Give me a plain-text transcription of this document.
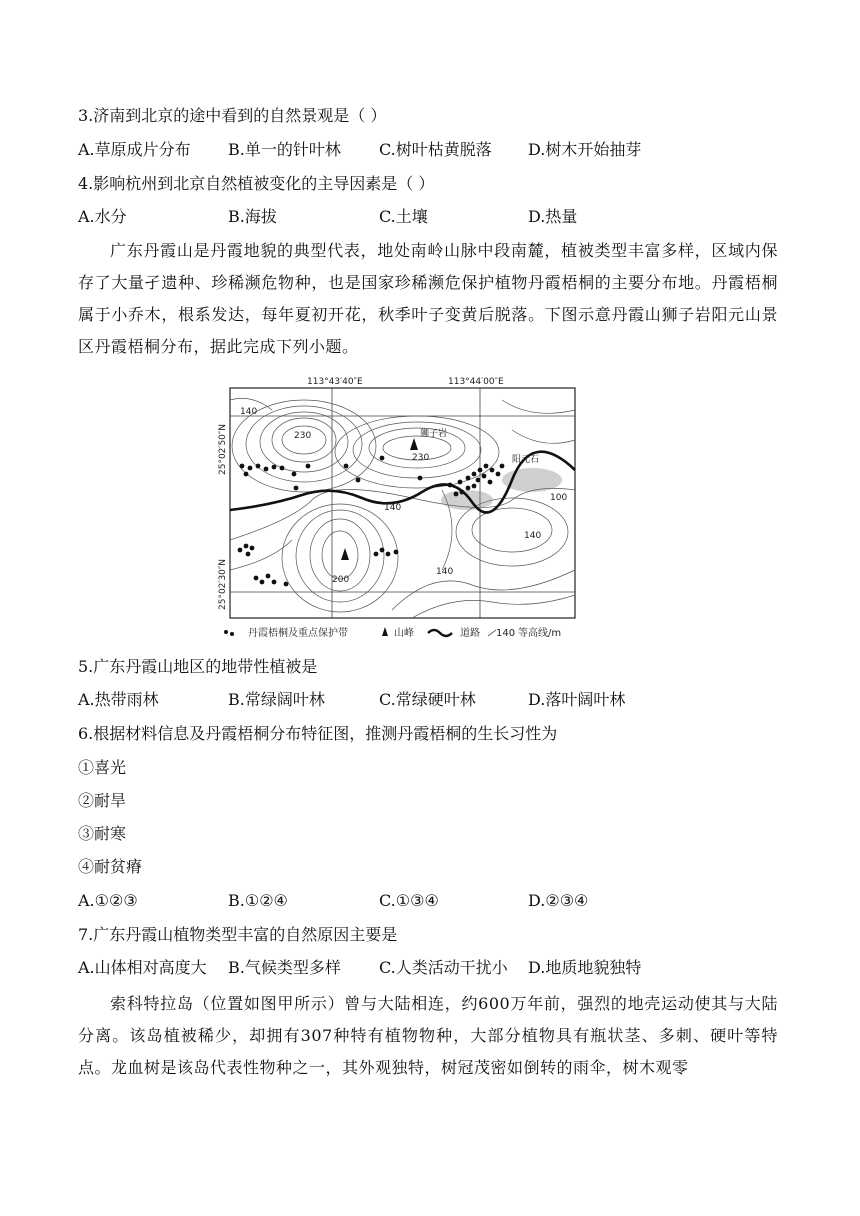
3.济南到北京的途中看到的自然景观是（ ）
A.草原成片分布 B.单一的针叶林 C.树叶枯黄脱落 D.树木开始抽芽
4.影响杭州到北京自然植被变化的主导因素是（ ）
A.水分	B.海拔	C.土壤	D.热量

广东丹霞山是丹霞地貌的典型代表，地处南岭山脉中段南麓，植被类型丰富多样，区域内保存了大量孑遗种、珍稀濒危物种，也是国家珍稀濒危保护植物丹霞梧桐的主要分布地。丹霞梧桐属于小乔木，根系发达，每年夏初开花，秋季叶子变黄后脱落。下图示意丹霞山狮子岩阳元山景区丹霞梧桐分布，据此完成下列小题。

113°43′40″E	113°44′00″E
25°02′50″N
25°02′30″N
狮子岩
阳元石
140
230
230
140
100
140
140
200
丹霞梧桐及重点保护带	山峰	道路 140 等高线/m
5.广东丹霞山地区的地带性植被是
A.热带雨林	B.常绿阔叶林	C.常绿硬叶林	D.落叶阔叶林
6.根据材料信息及丹霞梧桐分布特征图，推测丹霞梧桐的生长习性为
①喜光
②耐旱
③耐寒
④耐贫瘠
A.①②③	B.①②④	C.①③④	D.②③④
7.广东丹霞山植物类型丰富的自然原因主要是
A.山体相对高度大 B.气候类型多样 C.人类活动干扰小 D.地质地貌独特

索科特拉岛（位置如图甲所示）曾与大陆相连，约600万年前，强烈的地壳运动使其与大陆分离。该岛植被稀少，却拥有307种特有植物物种，大部分植物具有瓶状茎、多刺、硬叶等特点。龙血树是该岛代表性物种之一，其外观独特，树冠茂密如倒转的雨伞，树木观零
